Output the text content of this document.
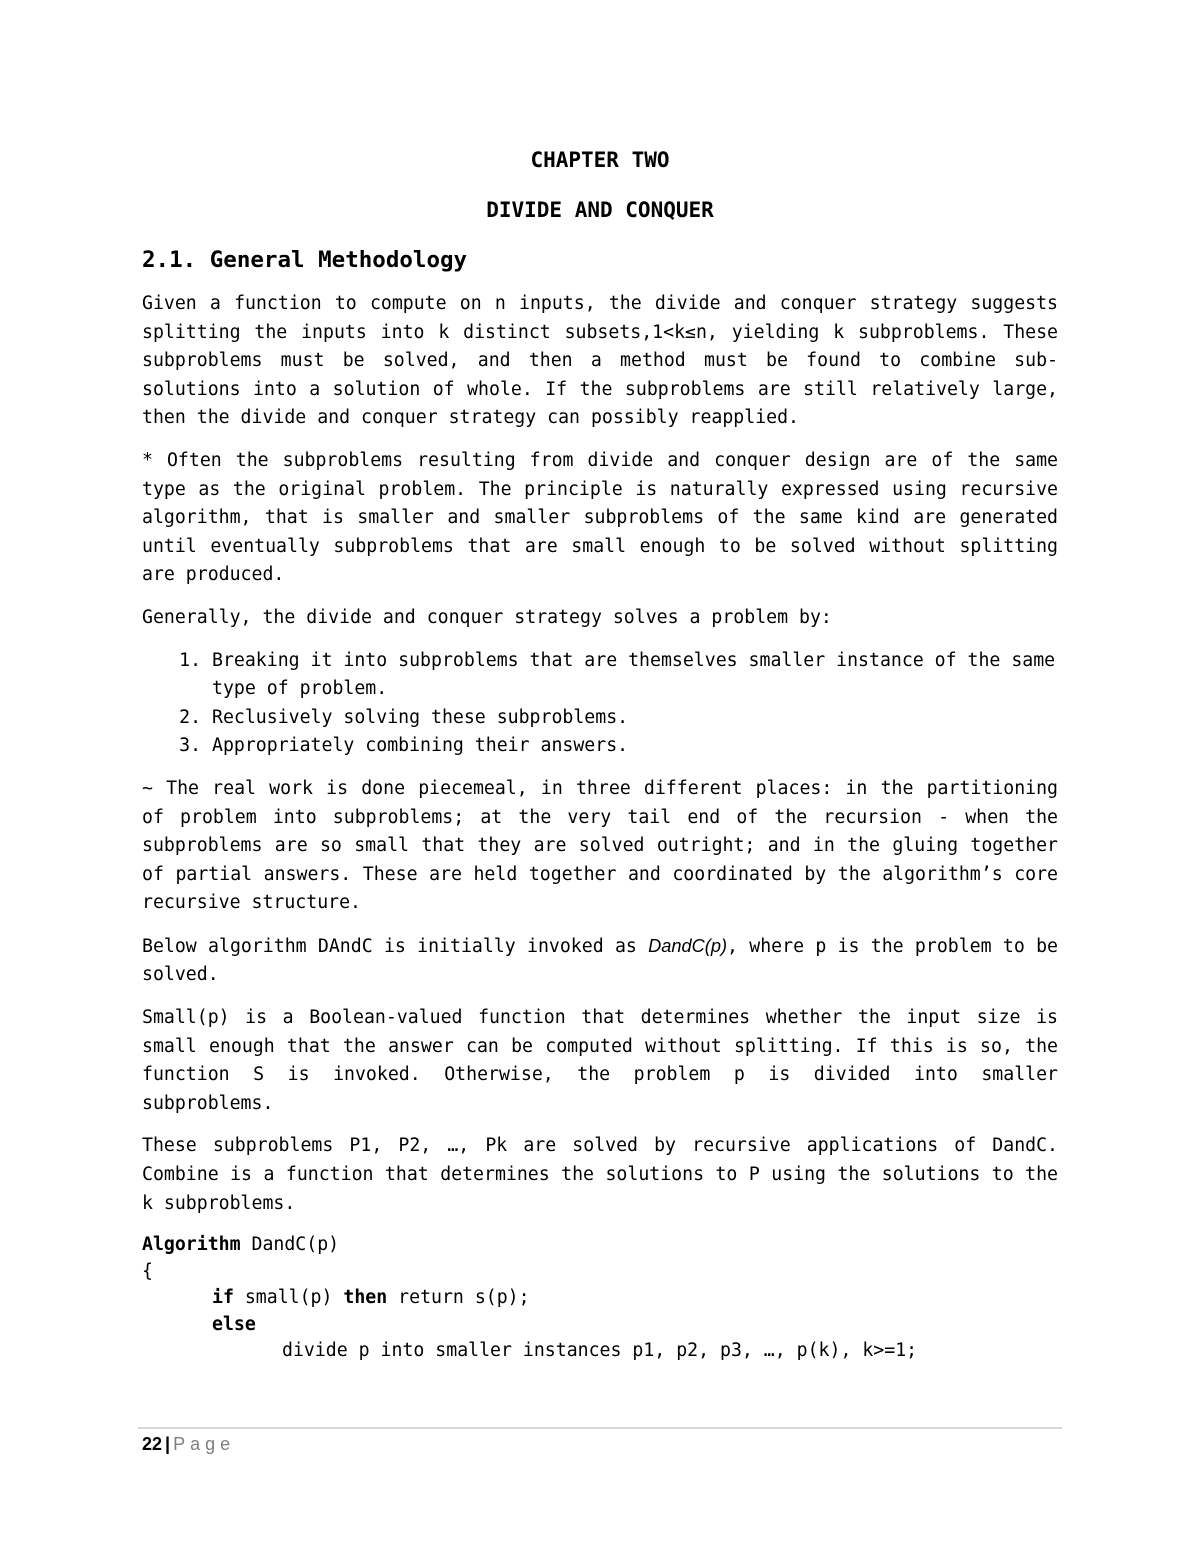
CHAPTER TWO
DIVIDE AND CONQUER
2.1. General Methodology

Given a function to compute on n inputs, the divide and conquer strategy suggests splitting the inputs into k distinct subsets,1<k≤n, yielding k subproblems. These subproblems must be solved, and then a method must be found to combine sub-solutions into a solution of whole. If the subproblems are still relatively large, then the divide and conquer strategy can possibly reapplied.

* Often the subproblems resulting from divide and conquer design are of the same type as the original problem. The principle is naturally expressed using recursive algorithm, that is smaller and smaller subproblems of the same kind are generated until eventually subproblems that are small enough to be solved without splitting are produced.

Generally, the divide and conquer strategy solves a problem by:

1. Breaking it into subproblems that are themselves smaller instance of the same type of problem.
2. Reclusively solving these subproblems.
3. Appropriately combining their answers.

~ The real work is done piecemeal, in three different places: in the partitioning of problem into subproblems; at the very tail end of the recursion - when the subproblems are so small that they are solved outright; and in the gluing together of partial answers. These are held together and coordinated by the algorithm’s core recursive structure.

Below algorithm DAndC is initially invoked as DandC(p), where p is the problem to be solved.

Small(p) is a Boolean-valued function that determines whether the input size is small enough that the answer can be computed without splitting. If this is so, the function S is invoked. Otherwise, the problem p is divided into smaller subproblems.

These subproblems P1, P2, …, Pk are solved by recursive applications of DandC. Combine is a function that determines the solutions to P using the solutions to the k subproblems.

Algorithm DandC(p)
{
if small(p) then return s(p);
else
divide p into smaller instances p1, p2, p3, …, p(k), k>=1;
22 | Page
